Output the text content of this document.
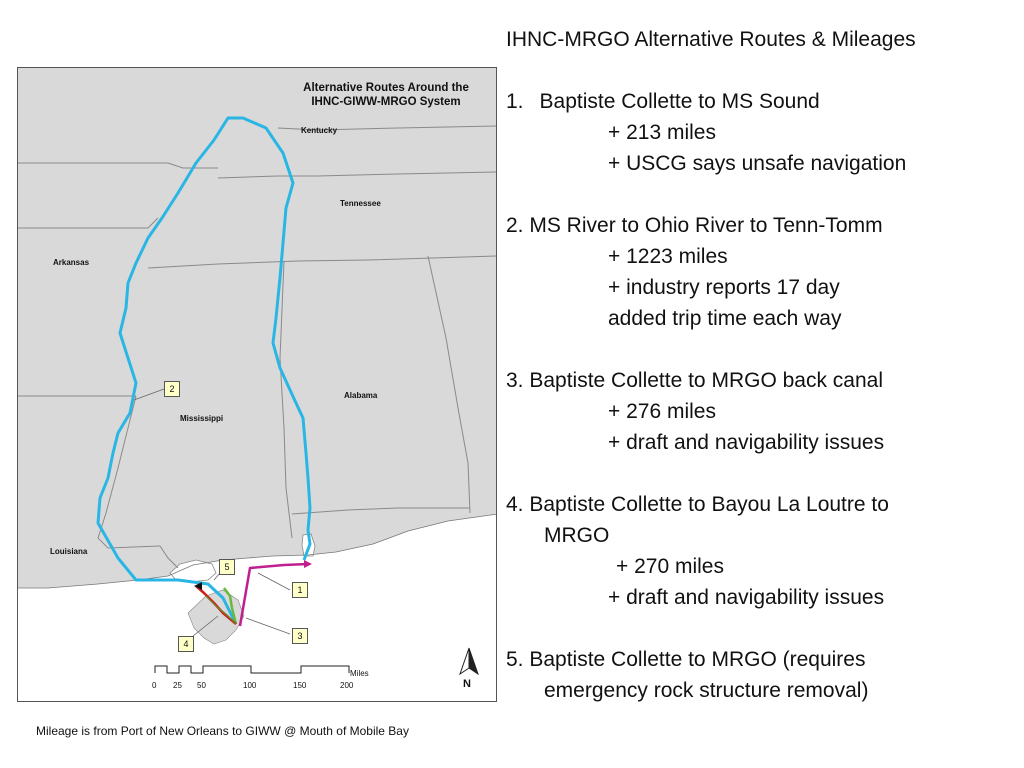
Alternative Routes Around the
IHNC-GIWW-MRGO System
Kentucky
Tennessee
Arkansas
Mississippi
Alabama
Louisiana
1
2
3
4
5
Miles
0 25 50	100	150	200	N
IHNC-MRGO Alternative Routes & Mileages
1. Baptiste Collette to MS Sound
+ 213 miles
+ USCG says unsafe navigation
2. MS River to Ohio River to Tenn-Tomm
+ 1223 miles
+ industry reports 17 day
added trip time each way
3. Baptiste Collette to MRGO back canal
+ 276 miles
+ draft and navigability issues
4. Baptiste Collette to Bayou La Loutre to
MRGO
+ 270 miles
+ draft and navigability issues
5. Baptiste Collette to MRGO (requires
emergency rock structure removal)
Mileage is from Port of New Orleans to GIWW @ Mouth of Mobile Bay
